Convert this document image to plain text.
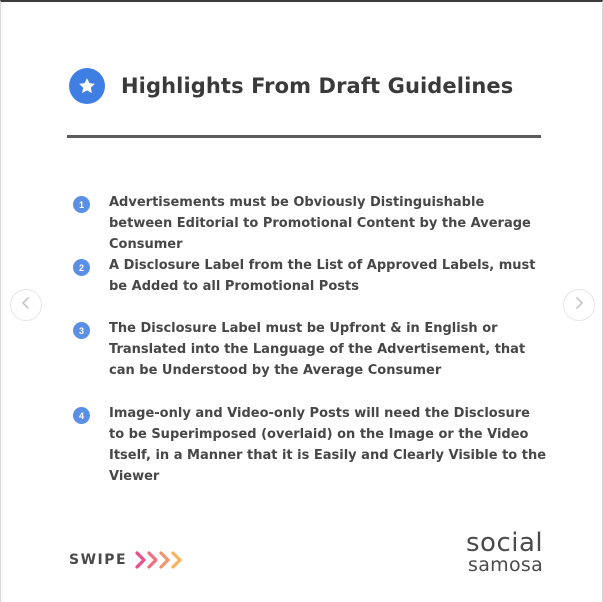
Highlights From Draft Guidelines
1	Advertisements must be Obviously Distinguishable between Editorial to Promotional Content by the Average Consumer
2	A Disclosure Label from the List of Approved Labels, must be Added to all Promotional Posts
3	The Disclosure Label must be Upfront & in English or Translated into the Language of the Advertisement, that can be Understood by the Average Consumer
4	Image-only and Video-only Posts will need the Disclosure to be Superimposed (overlaid) on the Image or the Video Itself, in a Manner that it is Easily and Clearly Visible to the Viewer
SWIPE
social
samosa
